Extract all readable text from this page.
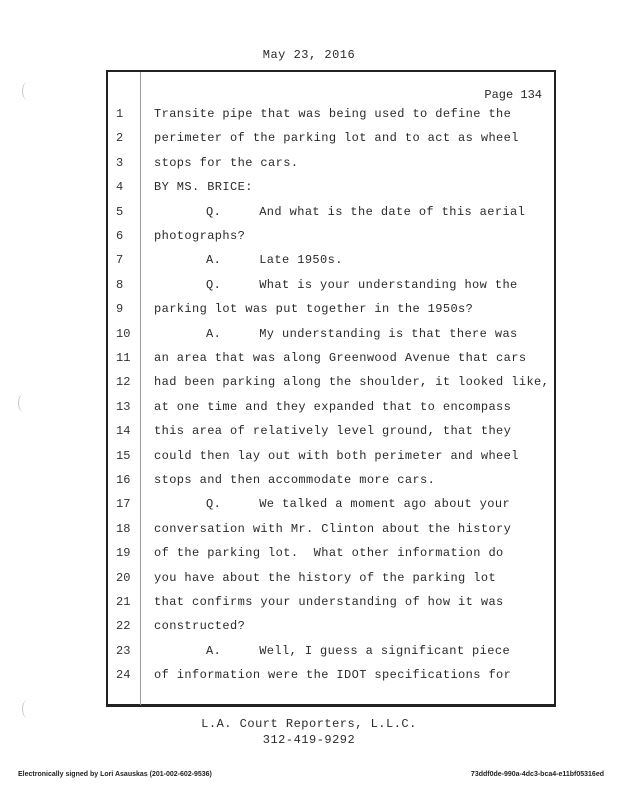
May 23, 2016
Page 134
1	Transite pipe that was being used to define the
2	perimeter of the parking lot and to act as wheel
3	stops for the cars.
4	BY MS. BRICE:
5	Q.     And what is the date of this aerial
6	photographs?
7	A.     Late 1950s.
8	Q.     What is your understanding how the
9	parking lot was put together in the 1950s?
10	A.     My understanding is that there was
11	an area that was along Greenwood Avenue that cars
12	had been parking along the shoulder, it looked like,
13	at one time and they expanded that to encompass
14	this area of relatively level ground, that they
15	could then lay out with both perimeter and wheel
16	stops and then accommodate more cars.
17	Q.     We talked a moment ago about your
18	conversation with Mr. Clinton about the history
19	of the parking lot.  What other information do
20	you have about the history of the parking lot
21	that confirms your understanding of how it was
22	constructed?
23	A.     Well, I guess a significant piece
24	of information were the IDOT specifications for
L.A. Court Reporters, L.L.C.
312-419-9292
Electronically signed by Lori Asauskas (201-002-602-9536)	73ddf0de-990a-4dc3-bca4-e11bf05316ed
